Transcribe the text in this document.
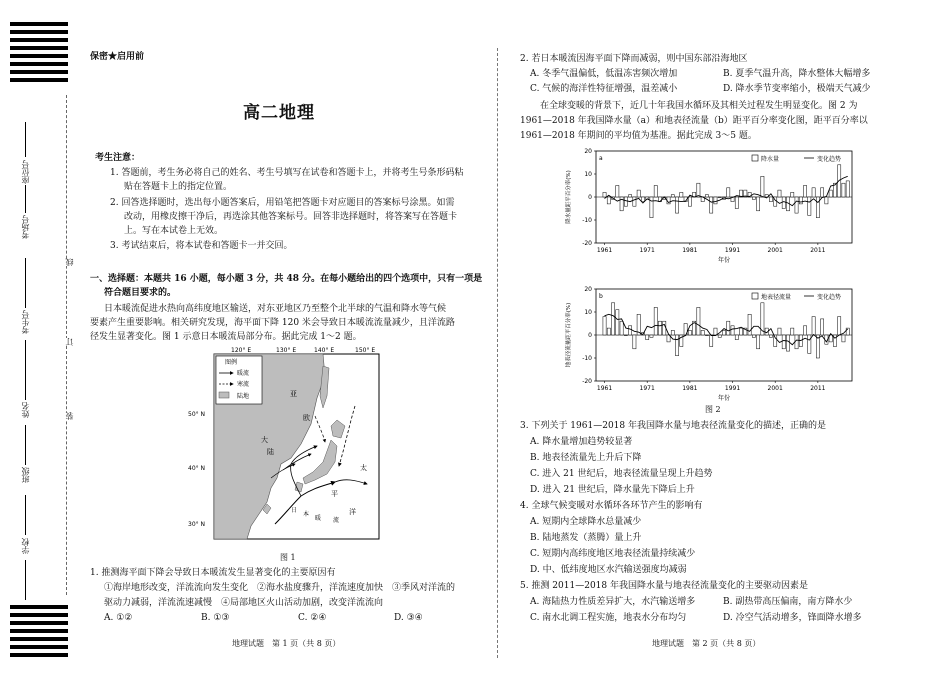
座位号
考场号
考生号
姓名
班级
学校
线
订
装
保密★启用前
高二地理
考生注意：
1. 答题前，考生务必将自己的姓名、考生号填写在试卷和答题卡上，并将考生号条形码粘
贴在答题卡上的指定位置。
2. 回答选择题时，选出每小题答案后，用铅笔把答题卡对应题目的答案标号涂黑。如需
改动，用橡皮擦干净后，再选涂其他答案标号。回答非选择题时，将答案写在答题卡
上。写在本试卷上无效。
3. 考试结束后，将本试卷和答题卡一并交回。
一、选择题：本题共 16 小题，每小题 3 分，共 48 分。在每小题给出的四个选项中，只有一项是
符合题目要求的。
日本暖流促进水热向高纬度地区输送，对东亚地区乃至整个北半球的气温和降水等气候
要素产生重要影响。相关研究发现，海平面下降 120 米会导致日本暖流流量减少，且洋流路
径发生显著变化。图 1 示意日本暖流局部分布。据此完成 1～2 题。
120° E	130° E	140° E	150° E
50° N
40° N
30° N
图例
暖流
寒流
陆地	亚
欧
大
陆
太
平
洋
日
本
暖 流
图 1
1. 推测海平面下降会导致日本暖流发生显著变化的主要原因有
①海岸地形改变，洋流流向发生变化　②海水盐度骤升，洋流速度加快　③季风对洋流的
驱动力减弱，洋流流速减慢　④局部地区火山活动加剧，改变洋流流向
A. ①②	B. ①③	C. ②④	D. ③④
地理试题　第 1 页（共 8 页）
2. 若日本暖流因海平面下降而减弱，则中国东部沿海地区
A. 冬季气温偏低，低温冻害频次增加	B. 夏季气温升高，降水整体大幅增多
C. 气候的海洋性特征增强，温差减小	D. 降水季节变率缩小，极端天气减少
在全球变暖的背景下，近几十年我国水循环及其相关过程发生明显变化。图 2 为
1961—2018 年我国降水量（a）和地表径流量（b）距平百分率变化图，距平百分率以
1961—2018 年期间的平均值为基准。据此完成 3～5 题。
-20
-10
0
10
20
1961	1971	1981	1991	2001	2011
年份
降水量距平百分率(%)
a	降水量	变化趋势
-20
-10
0
10
20
1961	1971	1981	1991	2001	2011
年份
地表径流量距平百分率(%)
b	地表径流量	变化趋势
图 2
3. 下列关于 1961—2018 年我国降水量与地表径流量变化的描述，正确的是
A. 降水量增加趋势较显著
B. 地表径流量先上升后下降
C. 进入 21 世纪后，地表径流量呈现上升趋势
D. 进入 21 世纪后，降水量先下降后上升
4. 全球气候变暖对水循环各环节产生的影响有
A. 短期内全球降水总量减少
B. 陆地蒸发（蒸腾）量上升
C. 短期内高纬度地区地表径流量持续减少
D. 中、低纬度地区水汽输送强度均减弱
5. 推测 2011—2018 年我国降水量与地表径流量变化的主要驱动因素是
A. 海陆热力性质差异扩大，水汽输送增多	B. 副热带高压偏南，南方降水少
C. 南水北调工程实施，地表水分布均匀	D. 冷空气活动增多，锋面降水增多
地理试题　第 2 页（共 8 页）
